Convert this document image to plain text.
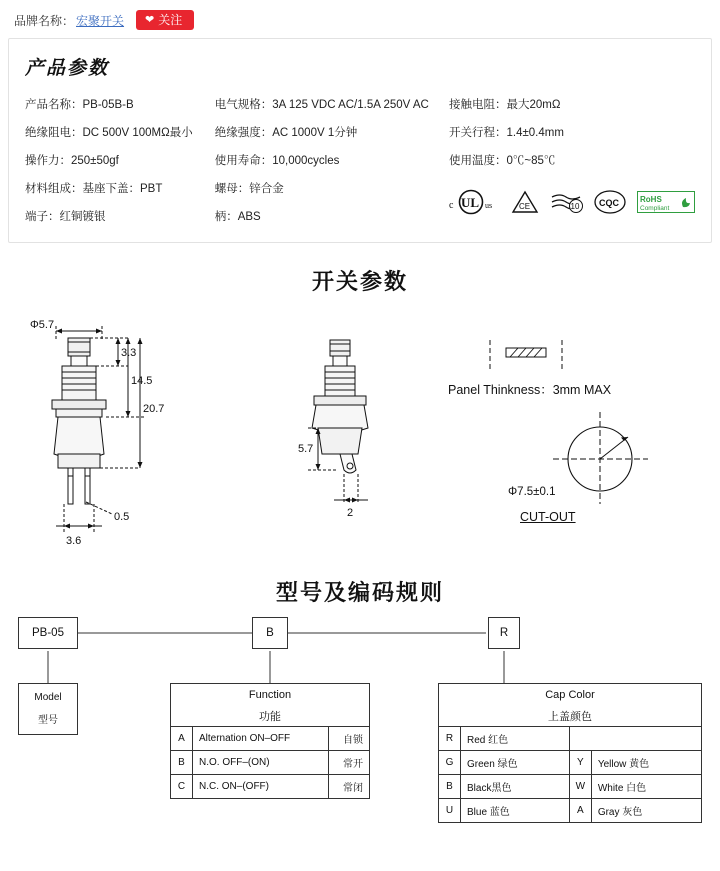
品牌名称： 宏聚开关 ❤ 关注
产品参数
产品名称：PB-05B-B	电气规格：3A 125 VDC AC/1.5A 250V AC	接触电阻：最大20mΩ
绝缘阻电：DC 500V 100MΩ最小	绝缘强度：AC 1000V 1分钟	开关行程：1.4±0.4mm
操作力：250±50gf	使用寿命：10,000cycles	使用温度：0℃~85℃
材料组成：基座下盖：PBT	螺母：锌合金	
c UL us	CE	10 CQC	RoHS
Compliant

端子：红铜镀银	柄：ABS	
开关参数
Φ5.7
3.3
14.5
20.7
0.5
3.6
5.7
2
Panel Thinkness：3mm MAX
Φ7.5±0.1
CUT-OUT
型号及编码规则
PB-05	B	R
Model
型号
Function		
功能		
A	Alternation ON–OFF	自锁
B	N.O. OFF–(ON)	常开
C	N.C. ON–(OFF)	常闭
Cap Color			
上盖颜色			
R	Red 红色		
G	Green 绿色	Y	Yellow 黄色
B	Black黑色	W	White 白色
U	Blue 蓝色	A	Gray 灰色
